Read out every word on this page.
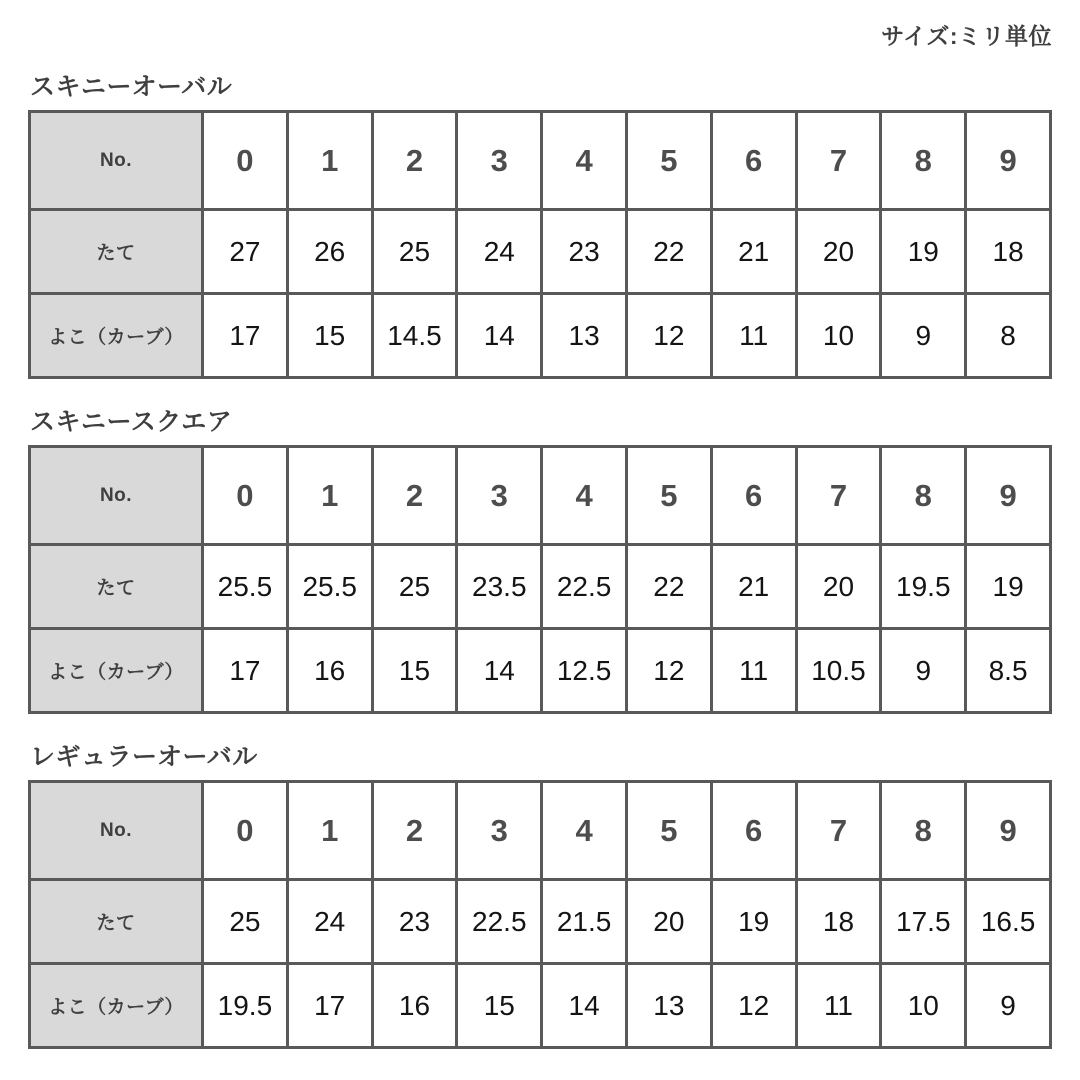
サイズ:ミリ単位
スキニーオーバル
No.	0	1	2	3	4	5	6	7	8	9
たて	27	26	25	24	23	22	21	20	19	18
よこ（カーブ）	17	15	14.5	14	13	12	11	10	9	8
スキニースクエア
No.	0	1	2	3	4	5	6	7	8	9
たて	25.5	25.5	25	23.5	22.5	22	21	20	19.5	19
よこ（カーブ）	17	16	15	14	12.5	12	11	10.5	9	8.5
レギュラーオーバル
No.	0	1	2	3	4	5	6	7	8	9
たて	25	24	23	22.5	21.5	20	19	18	17.5	16.5
よこ（カーブ）	19.5	17	16	15	14	13	12	11	10	9
